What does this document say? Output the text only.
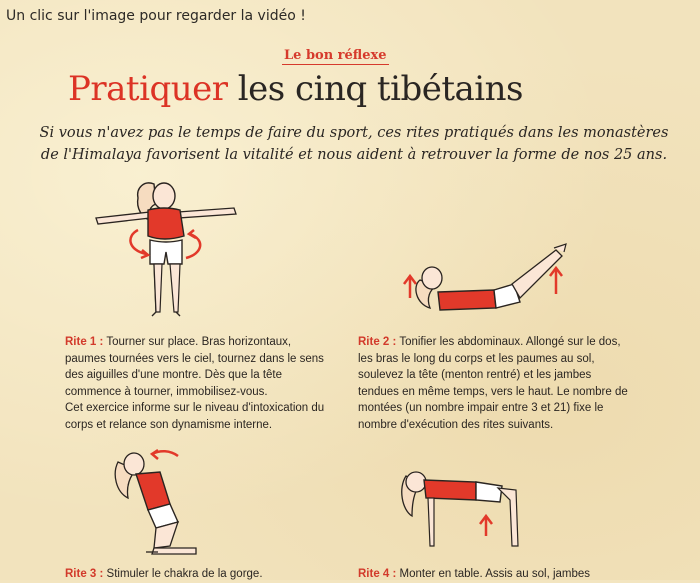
Un clic sur l'image pour regarder la vidéo !
Le bon réflexe
Pratiquer les cinq tibétains
Si vous n'avez pas le temps de faire du sport, ces rites pratiqués dans les monastères
de l'Himalaya favorisent la vitalité et nous aident à retrouver la forme de nos 25 ans.
Rite 1 : Tourner sur place. Bras horizontaux, paumes tournées vers le ciel, tournez dans le sens des aiguilles d'une montre. Dès que la tête commence à tourner, immobilisez-vous.
Cet exercice informe sur le niveau d'intoxication du corps et relance son dynamisme interne.
Rite 2 : Tonifier les abdominaux. Allongé sur le dos, les bras le long du corps et les paumes au sol, soulevez la tête (menton rentré) et les jambes tendues en même temps, vers le haut. Le nombre de montées (un nombre impair entre 3 et 21) fixe le nombre d'exécution des rites suivants.
Rite 3 : Stimuler le chakra de la gorge.	Rite 4 : Monter en table. Assis au sol, jambes
